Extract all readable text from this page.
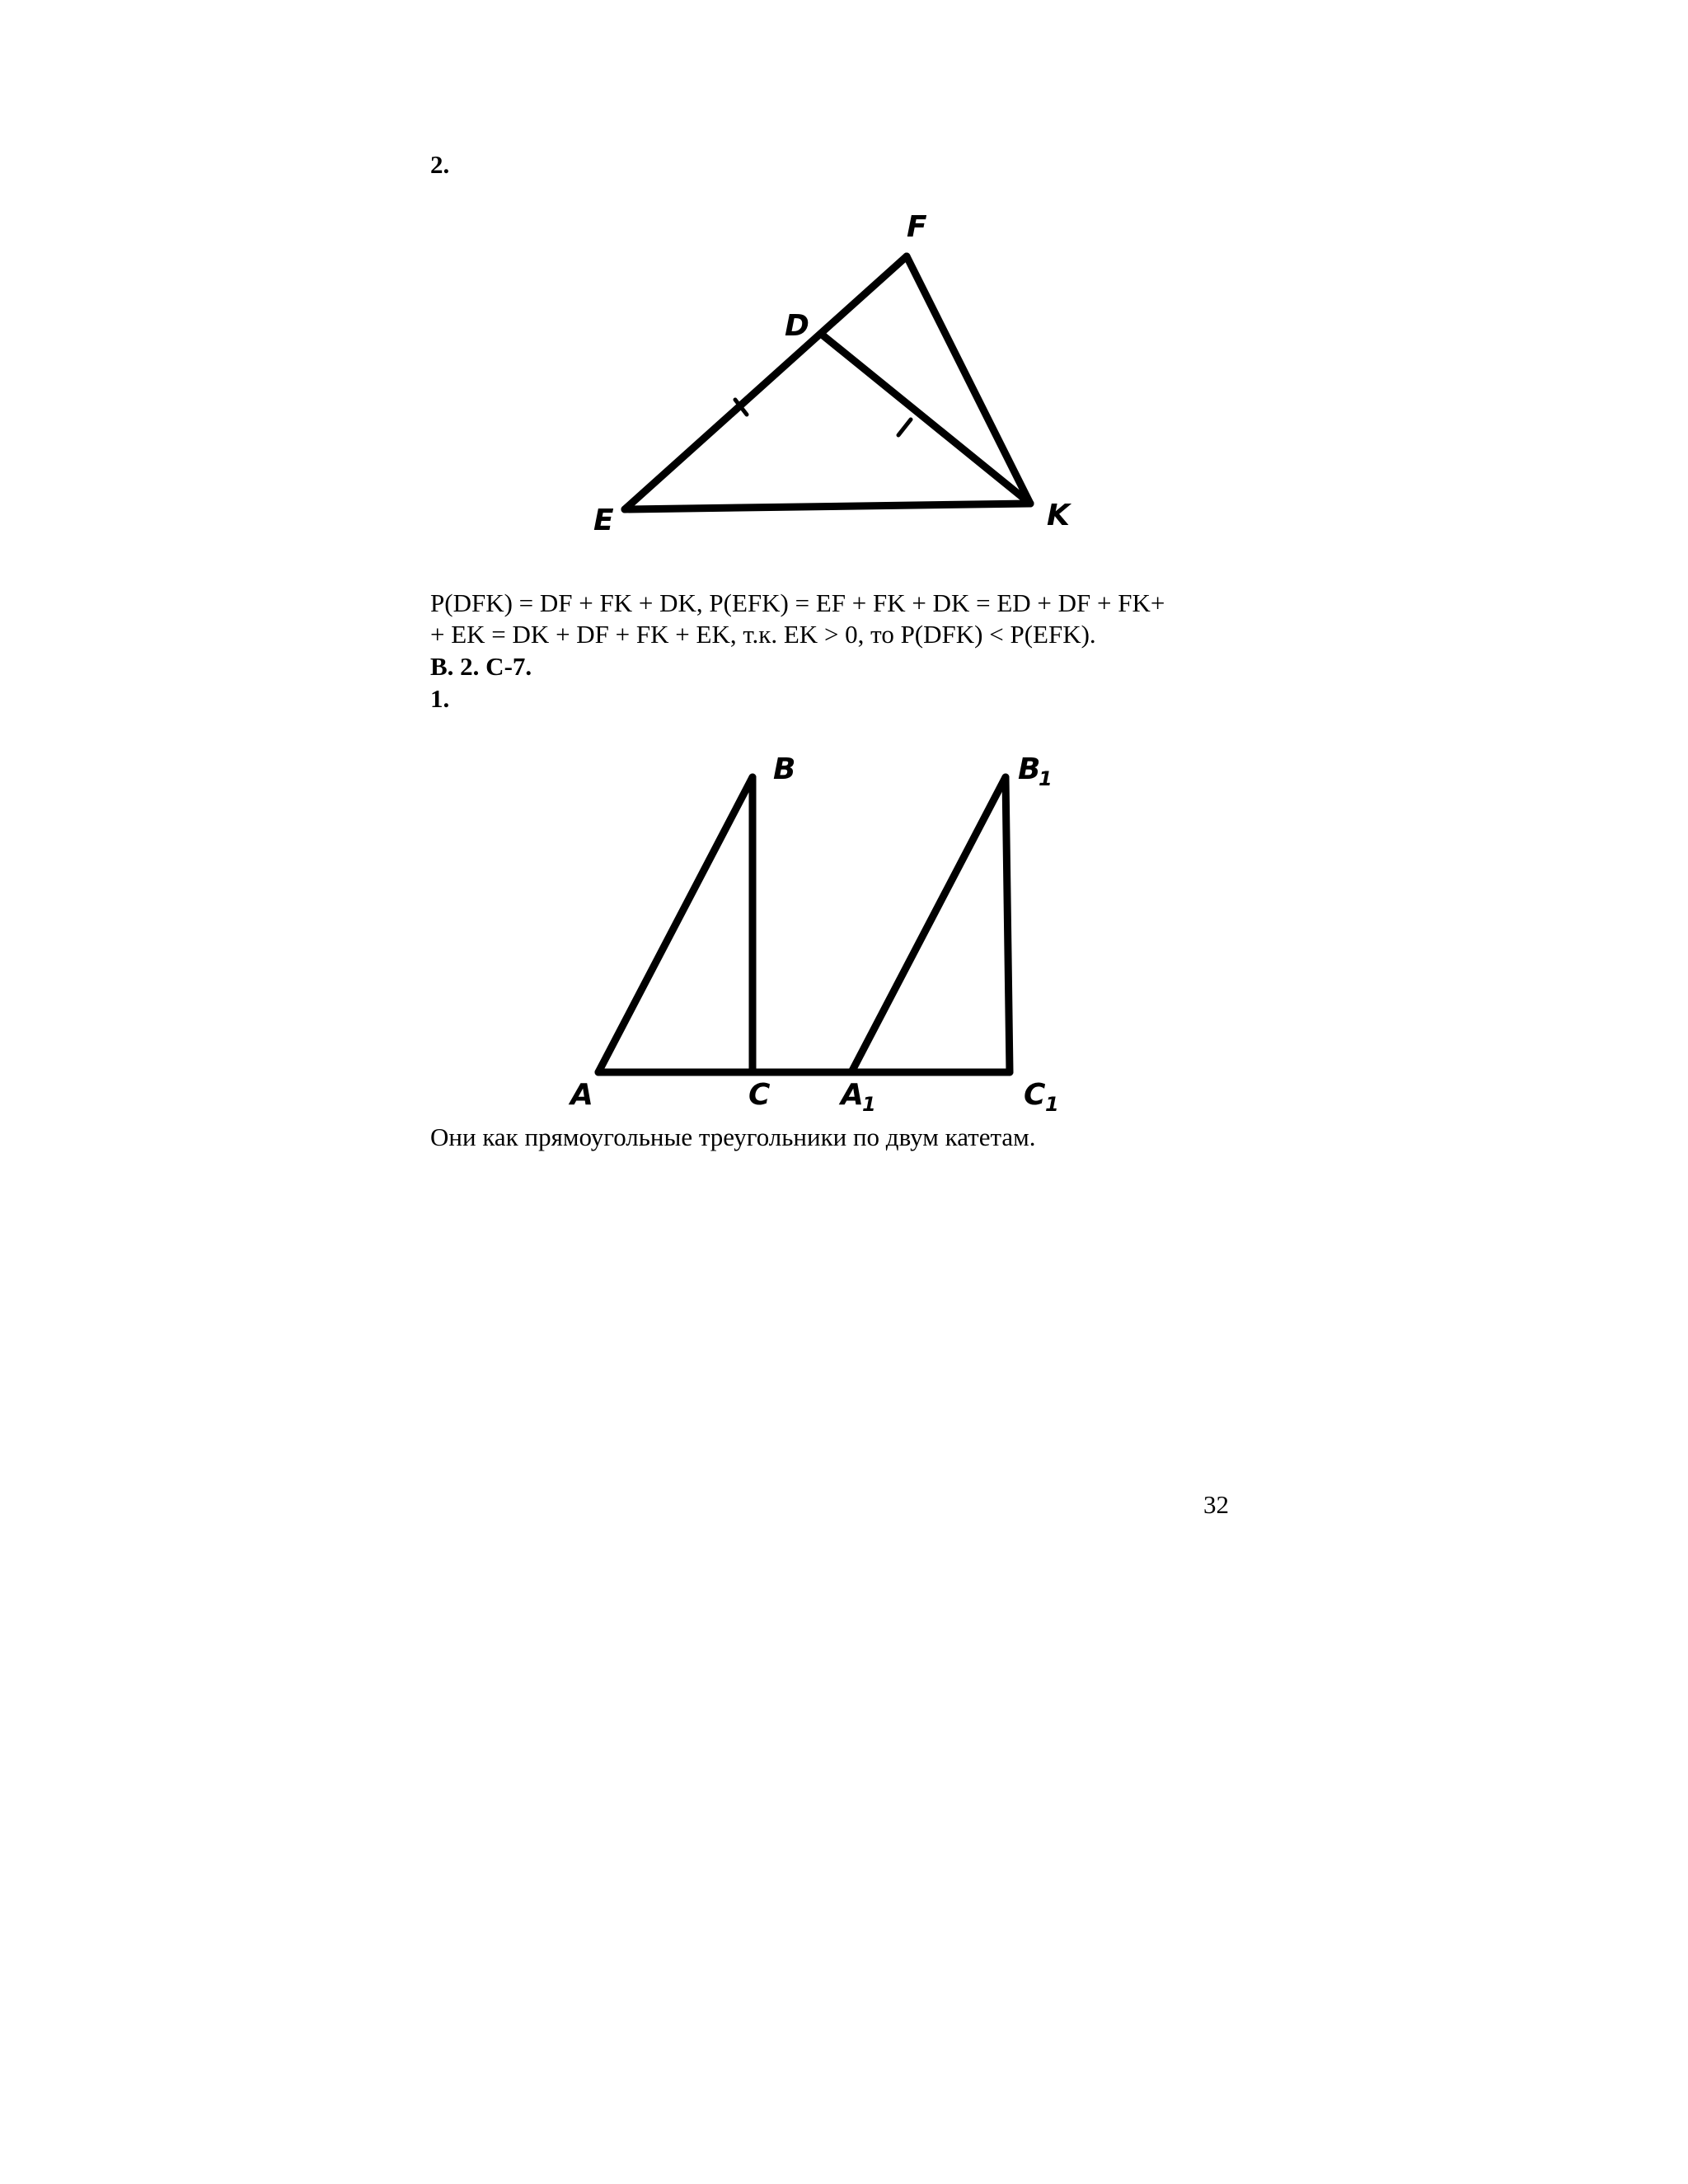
2.
F
D
E	K
P(DFK) = DF + FK + DK, P(EFK) = EF + FK + DK = ED + DF + FK+
+ EK = DK + DF + FK + EK, т.к. EK > 0, то P(DFK) < P(EFK).
В. 2. С-7.
1.
B	B
1
A	C A
1	C 1
Они как прямоугольные треугольники по двум катетам.
32
